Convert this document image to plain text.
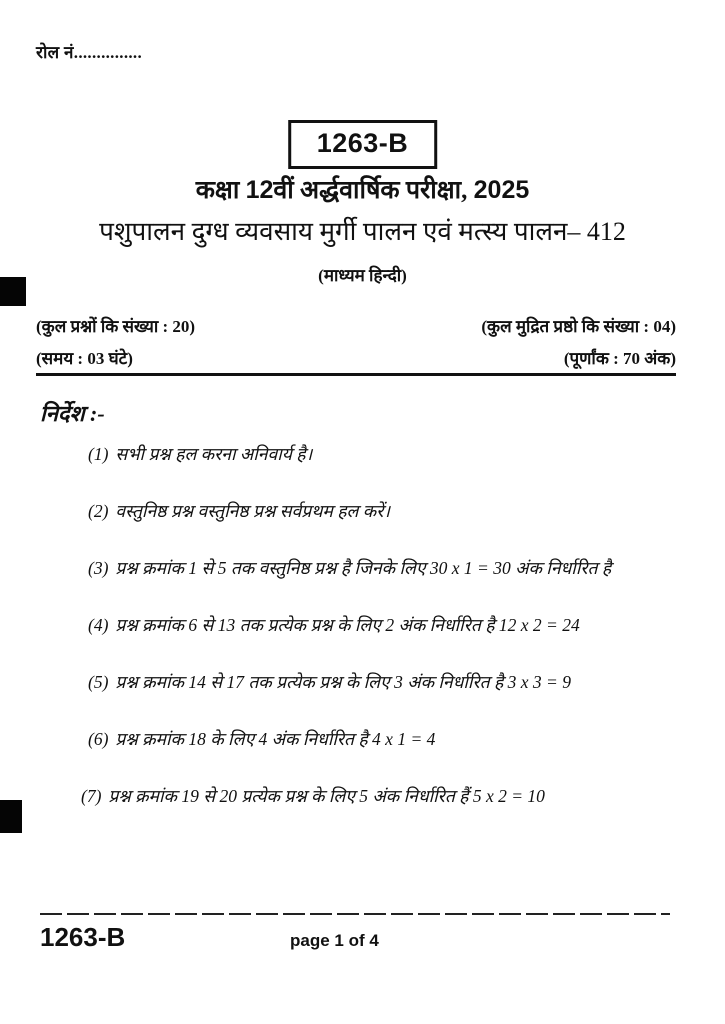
रोल नं...............
1263-B
कक्षा 12वीं अर्द्धवार्षिक परीक्षा, 2025
पशुपालन दुग्ध व्यवसाय मुर्गी पालन एवं मत्स्य पालन– 412
(माध्यम हिन्दी)
(कुल प्रश्नों कि संख्या : 20)	(कुल मुद्रित प्रष्ठो कि संख्या : 04)
(समय : 03 घंटे)	(पूर्णांक : 70 अंक)
निर्देश :-
(1) सभी प्रश्न हल करना अनिवार्य है।
(2) वस्तुनिष्ठ प्रश्न वस्तुनिष्ठ प्रश्न सर्वप्रथम हल करें।
(3) प्रश्न क्रमांक 1 से 5 तक वस्तुनिष्ठ प्रश्न है जिनके लिए 30 x 1 = 30 अंक निर्धारित है
(4) प्रश्न क्रमांक 6 से 13 तक प्रत्येक प्रश्न के लिए 2 अंक निर्धारित है 12 x 2 = 24
(5) प्रश्न क्रमांक 14 से 17 तक प्रत्येक प्रश्न के लिए 3 अंक निर्धारित है 3 x 3 = 9
(6) प्रश्न क्रमांक 18 के लिए 4 अंक निर्धारित है 4 x 1 = 4
(7) प्रश्न क्रमांक 19 से 20 प्रत्येक प्रश्न के लिए 5 अंक निर्धारित हैं 5 x 2 = 10
1263-B	page 1 of 4
